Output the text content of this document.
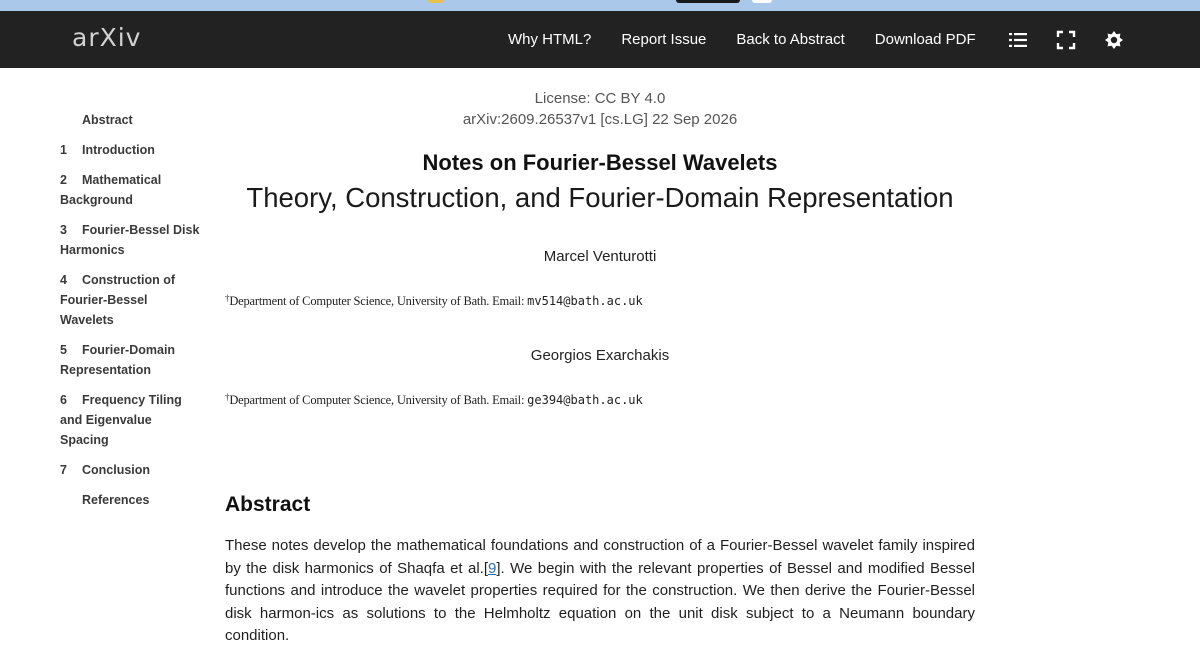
arXiv	Why HTML? Report Issue Back to Abstract Download PDF
Abstract
1 Introduction
2 Mathematical Background
3 Fourier-Bessel Disk Harmonics
4 Construction of Fourier-Bessel Wavelets
5 Fourier-Domain Representation
6 Frequency Tiling and Eigenvalue Spacing
7 Conclusion
References
License: CC BY 4.0
arXiv:2609.26537v1 [cs.LG] 22 Sep 2026
Notes on Fourier-Bessel Wavelets
Theory, Construction, and Fourier-Domain Representation
Marcel Venturotti
†Department of Computer Science, University of Bath. Email: mv514@bath.ac.uk
Georgios Exarchakis
†Department of Computer Science, University of Bath. Email: ge394@bath.ac.uk
Abstract

These notes develop the mathematical foundations and construction of a Fourier-Bessel wavelet family inspired by the disk harmonics of Shaqfa et al.[9]. We begin with the relevant properties of Bessel and modified Bessel functions and introduce the wavelet properties required for the construction. We then derive the Fourier-Bessel disk harmon-ics as solutions to the Helmholtz equation on the unit disk subject to a Neumann boundary condition.
